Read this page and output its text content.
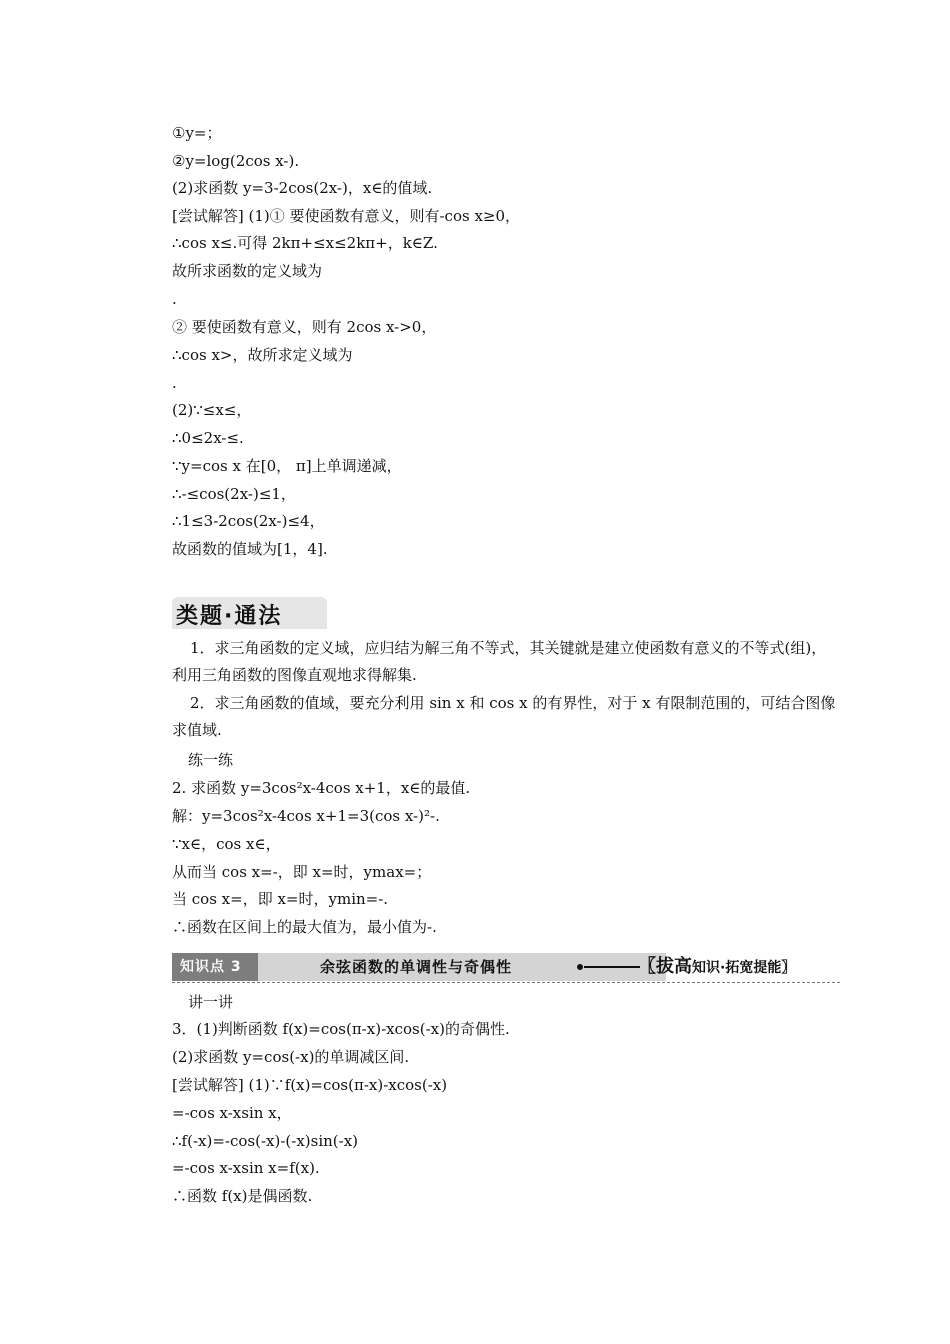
①y=；
②y=log(2cos x-).
(2)求函数 y=3-2cos(2x-)，x∈的值域.
[尝试解答] (1)① 要使函数有意义，则有-cos x≥0，
∴cos x≤.可得 2kπ+≤x≤2kπ+，k∈Z.
故所求函数的定义域为
.
② 要使函数有意义，则有 2cos x->0，
∴cos x>，故所求定义域为
.
(2)∵≤x≤，
∴0≤2x-≤.
∵y=cos x 在[0， π]上单调递减，
∴-≤cos(2x-)≤1，
∴1≤3-2cos(2x-)≤4，
故函数的值域为[1，4].
类题·通法
1．求三角函数的定义域，应归结为解三角不等式，其关键就是建立使函数有意义的不等式(组)，利用三角函数的图像直观地求得解集.
2．求三角函数的值域，要充分利用 sin x 和 cos x 的有界性，对于 x 有限制范围的，可结合图像求值域.
练一练
2. 求函数 y=3cos²x-4cos x+1，x∈的最值.
解：y=3cos²x-4cos x+1=3(cos x-)²-.
∵x∈，cos x∈，
从而当 cos x=-，即 x=时，ymax=；
当 cos x=，即 x=时，ymin=-.
∴函数在区间上的最大值为，最小值为-.
知识点 3	余弦函数的单调性与奇偶性	〖拔高知识·拓宽提能〗
讲一讲
3．(1)判断函数 f(x)=cos(π-x)-xcos(-x)的奇偶性.
(2)求函数 y=cos(-x)的单调减区间.
[尝试解答] (1)∵f(x)=cos(π-x)-xcos(-x)
=-cos x-xsin x，
∴f(-x)=-cos(-x)-(-x)sin(-x)
=-cos x-xsin x=f(x).
∴函数 f(x)是偶函数.
